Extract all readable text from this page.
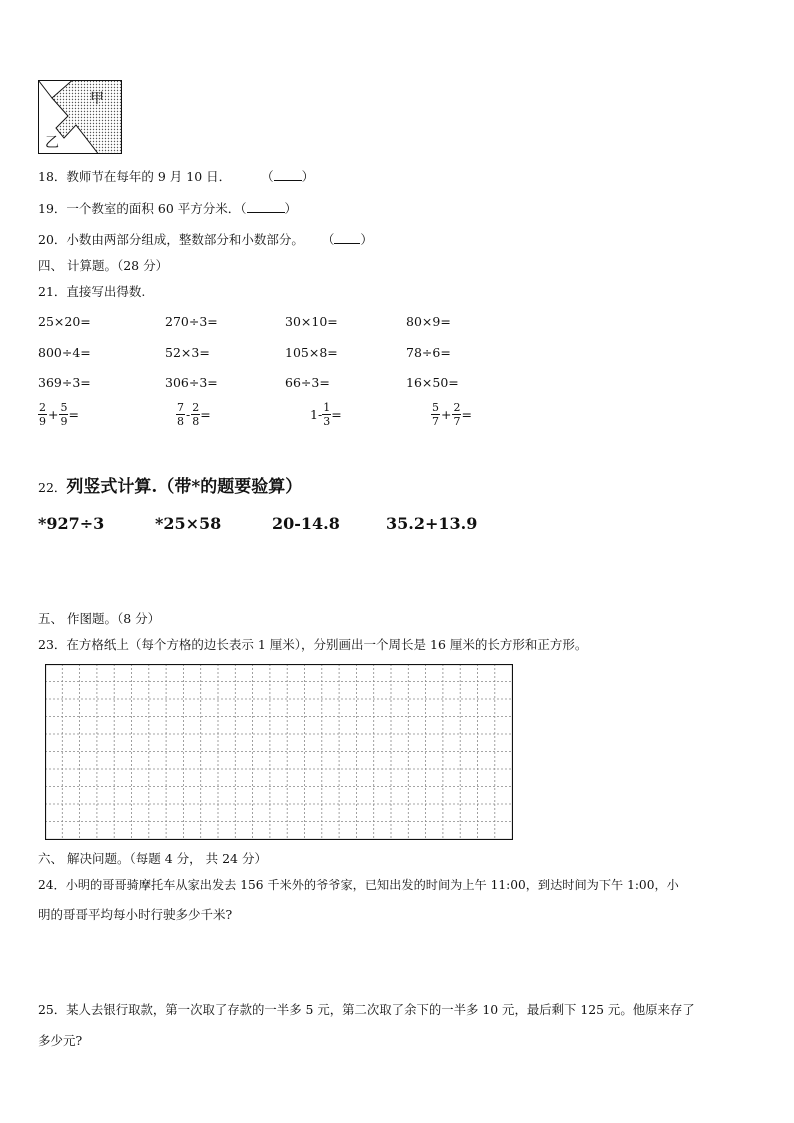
甲
乙
18．教师节在每年的 9 月 10 日． （ ）
19．一个教室的面积 60 平方分米．（	）
20．小数由两部分组成，整数部分和小数部分。 （ ）
四、 计算题。（28 分）
21．直接写出得数.
25×20=	270÷3=	30×10=	80×9=
800÷4=	52×3=	105×8=	78÷6=
369÷3=	306÷3=	66÷3=	16×50=
$\frac{2}{9} + \frac{5}{9}$ =	$\frac{7}{8} - \frac{2}{8}$ =	$1- \frac{1}{3}$ =	$\frac{5}{7} + \frac{2}{7}$ =
22．列竖式计算.（带*的题要验算）
*927÷3	*25×58	20-14.8	35.2+13.9
五、 作图题。（8 分）
23．在方格纸上（每个方格的边长表示 1 厘米），分别画出一个周长是 16 厘米的长方形和正方形。
六、 解决问题。（每题 4 分， 共 24 分）
24．小明的哥哥骑摩托车从家出发去 156 千米外的爷爷家，已知出发的时间为上午 11:00，到达时间为下午 1:00，小
明的哥哥平均每小时行驶多少千米?
25．某人去银行取款，第一次取了存款的一半多 5 元，第二次取了余下的一半多 10 元，最后剩下 125 元。他原来存了
多少元?
